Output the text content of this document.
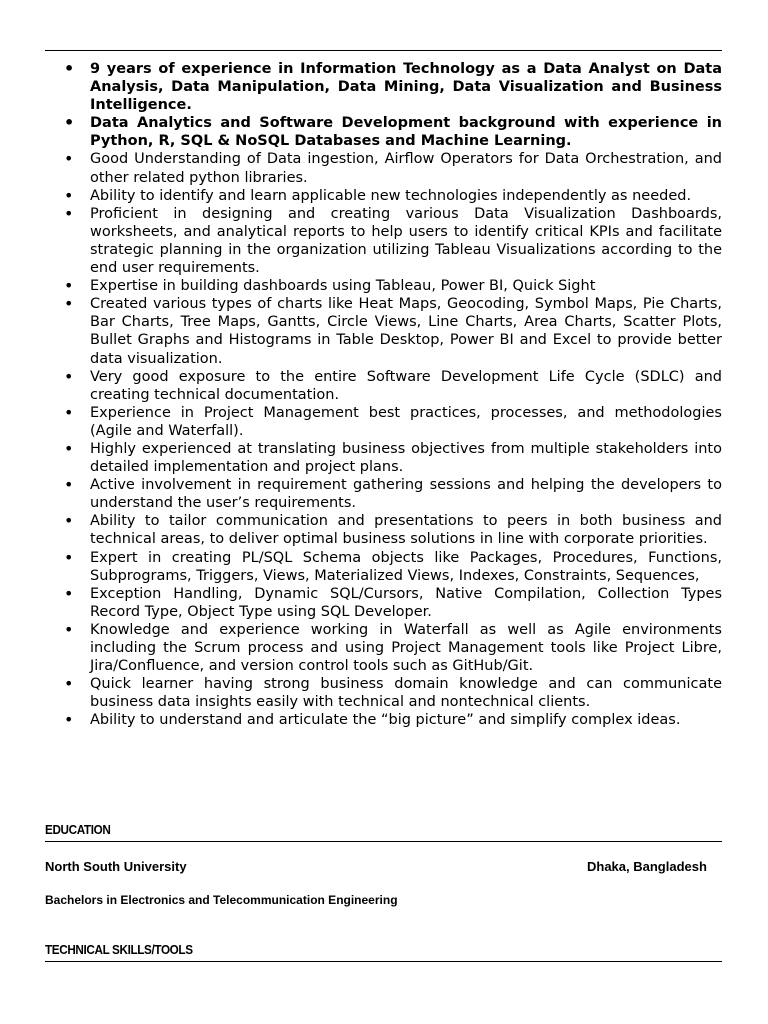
• 9 years of experience in Information Technology as a Data Analyst on Data Analysis, Data Manipulation, Data Mining, Data Visualization and Business Intelligence.
• Data Analytics and Software Development background with experience in Python, R, SQL & NoSQL Databases and Machine Learning.
• Good Understanding of Data ingestion, Airflow Operators for Data Orchestration, and other related python libraries.
• Ability to identify and learn applicable new technologies independently as needed.
• Proficient in designing and creating various Data Visualization Dashboards, worksheets, and analytical reports to help users to identify critical KPIs and facilitate strategic planning in the organization utilizing Tableau Visualizations according to the end user requirements.
• Expertise in building dashboards using Tableau, Power BI, Quick Sight
• Created various types of charts like Heat Maps, Geocoding, Symbol Maps, Pie Charts, Bar Charts, Tree Maps, Gantts, Circle Views, Line Charts, Area Charts, Scatter Plots, Bullet Graphs and Histograms in Table Desktop, Power BI and Excel to provide better data visualization.
• Very good exposure to the entire Software Development Life Cycle (SDLC) and creating technical documentation.
• Experience in Project Management best practices, processes, and methodologies (Agile and Waterfall).
• Highly experienced at translating business objectives from multiple stakeholders into detailed implementation and project plans.
• Active involvement in requirement gathering sessions and helping the developers to understand the user’s requirements.
• Ability to tailor communication and presentations to peers in both business and technical areas, to deliver optimal business solutions in line with corporate priorities.
• Expert in creating PL/SQL Schema objects like Packages, Procedures, Functions, Subprograms, Triggers, Views, Materialized Views, Indexes, Constraints, Sequences,
• Exception Handling, Dynamic SQL/Cursors, Native Compilation, Collection Types Record Type, Object Type using SQL Developer.
• Knowledge and experience working in Waterfall as well as Agile environments including the Scrum process and using Project Management tools like Project Libre, Jira/Confluence, and version control tools such as GitHub/Git.
• Quick learner having strong business domain knowledge and can communicate business data insights easily with technical and nontechnical clients.
• Ability to understand and articulate the “big picture” and simplify complex ideas.
EDUCATION

North South University	Dhaka, Bangladesh

Bachelors in Electronics and Telecommunication Engineering

TECHNICAL SKILLS/TOOLS
